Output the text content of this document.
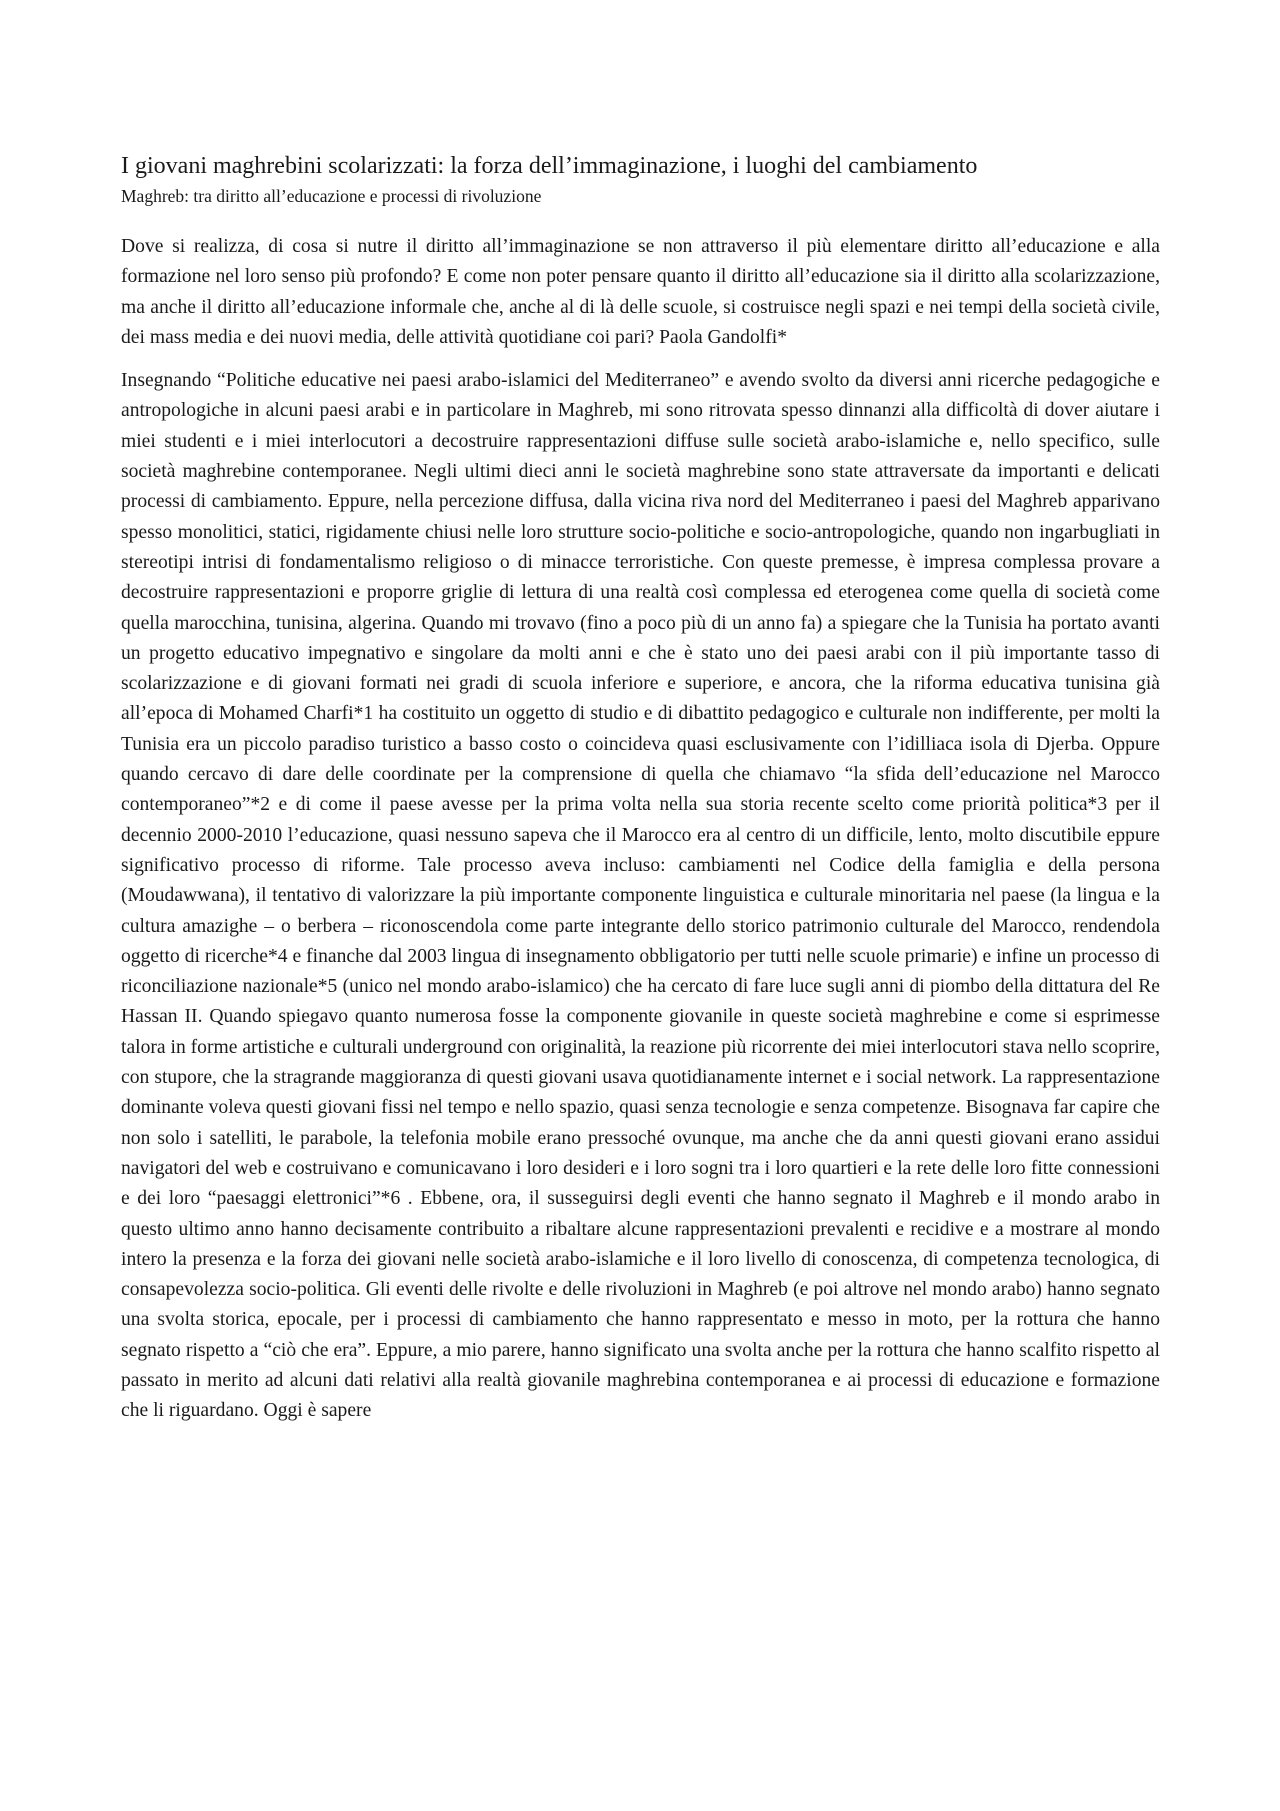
I giovani maghrebini scolarizzati: la forza dell’immaginazione, i luoghi del cambiamento
Maghreb: tra diritto all’educazione e processi di rivoluzione

Dove si realizza, di cosa si nutre il diritto all’immaginazione se non attraverso il più elementare diritto all’educazione e alla formazione nel loro senso più profondo? E come non poter pensare quanto il diritto all’educazione sia il diritto alla scolarizzazione, ma anche il diritto all’educazione informale che, anche al di là delle scuole, si costruisce negli spazi e nei tempi della società civile, dei mass media e dei nuovi media, delle attività quotidiane coi pari? Paola Gandolfi*

Insegnando “Politiche educative nei paesi arabo-islamici del Mediterraneo” e avendo svolto da diversi anni ricerche pedagogiche e antropologiche in alcuni paesi arabi e in particolare in Maghreb, mi sono ritrovata spesso dinnanzi alla difficoltà di dover aiutare i miei studenti e i miei interlocutori a decostruire rappresentazioni diffuse sulle società arabo-islamiche e, nello specifico, sulle società maghrebine contemporanee. Negli ultimi dieci anni le società maghrebine sono state attraversate da importanti e delicati processi di cambiamento. Eppure, nella percezione diffusa, dalla vicina riva nord del Mediterraneo i paesi del Maghreb apparivano spesso monolitici, statici, rigidamente chiusi nelle loro strutture socio-politiche e socio-antropologiche, quando non ingarbugliati in stereotipi intrisi di fondamentalismo religioso o di minacce terroristiche. Con queste premesse, è impresa complessa provare a decostruire rappresentazioni e proporre griglie di lettura di una realtà così complessa ed eterogenea come quella di società come quella marocchina, tunisina, algerina. Quando mi trovavo (fino a poco più di un anno fa) a spiegare che la Tunisia ha portato avanti un progetto educativo impegnativo e singolare da molti anni e che è stato uno dei paesi arabi con il più importante tasso di scolarizzazione e di giovani formati nei gradi di scuola inferiore e superiore, e ancora, che la riforma educativa tunisina già all’epoca di Mohamed Charfi*1 ha costituito un oggetto di studio e di dibattito pedagogico e culturale non indifferente, per molti la Tunisia era un piccolo paradiso turistico a basso costo o coincideva quasi esclusivamente con l’idilliaca isola di Djerba. Oppure quando cercavo di dare delle coordinate per la comprensione di quella che chiamavo “la sfida dell’educazione nel Marocco contemporaneo”*2 e di come il paese avesse per la prima volta nella sua storia recente scelto come priorità politica*3 per il decennio 2000-2010 l’educazione, quasi nessuno sapeva che il Marocco era al centro di un difficile, lento, molto discutibile eppure significativo processo di riforme. Tale processo aveva incluso: cambiamenti nel Codice della famiglia e della persona (Moudawwana), il tentativo di valorizzare la più importante componente linguistica e culturale minoritaria nel paese (la lingua e la cultura amazighe – o berbera – riconoscendola come parte integrante dello storico patrimonio culturale del Marocco, rendendola oggetto di ricerche*4 e finanche dal 2003 lingua di insegnamento obbligatorio per tutti nelle scuole primarie) e infine un processo di riconciliazione nazionale*5 (unico nel mondo arabo-islamico) che ha cercato di fare luce sugli anni di piombo della dittatura del Re Hassan II. Quando spiegavo quanto numerosa fosse la componente giovanile in queste società maghrebine e come si esprimesse talora in forme artistiche e culturali underground con originalità, la reazione più ricorrente dei miei interlocutori stava nello scoprire, con stupore, che la stragrande maggioranza di questi giovani usava quotidianamente internet e i social network. La rappresentazione dominante voleva questi giovani fissi nel tempo e nello spazio, quasi senza tecnologie e senza competenze. Bisognava far capire che non solo i satelliti, le parabole, la telefonia mobile erano pressoché ovunque, ma anche che da anni questi giovani erano assidui navigatori del web e costruivano e comunicavano i loro desideri e i loro sogni tra i loro quartieri e la rete delle loro fitte connessioni e dei loro “paesaggi elettronici”*6 . Ebbene, ora, il susseguirsi degli eventi che hanno segnato il Maghreb e il mondo arabo in questo ultimo anno hanno decisamente contribuito a ribaltare alcune rappresentazioni prevalenti e recidive e a mostrare al mondo intero la presenza e la forza dei giovani nelle società arabo-islamiche e il loro livello di conoscenza, di competenza tecnologica, di consapevolezza socio-politica. Gli eventi delle rivolte e delle rivoluzioni in Maghreb (e poi altrove nel mondo arabo) hanno segnato una svolta storica, epocale, per i processi di cambiamento che hanno rappresentato e messo in moto, per la rottura che hanno segnato rispetto a “ciò che era”. Eppure, a mio parere, hanno significato una svolta anche per la rottura che hanno scalfito rispetto al passato in merito ad alcuni dati relativi alla realtà giovanile maghrebina contemporanea e ai processi di educazione e formazione che li riguardano. Oggi è sapere
